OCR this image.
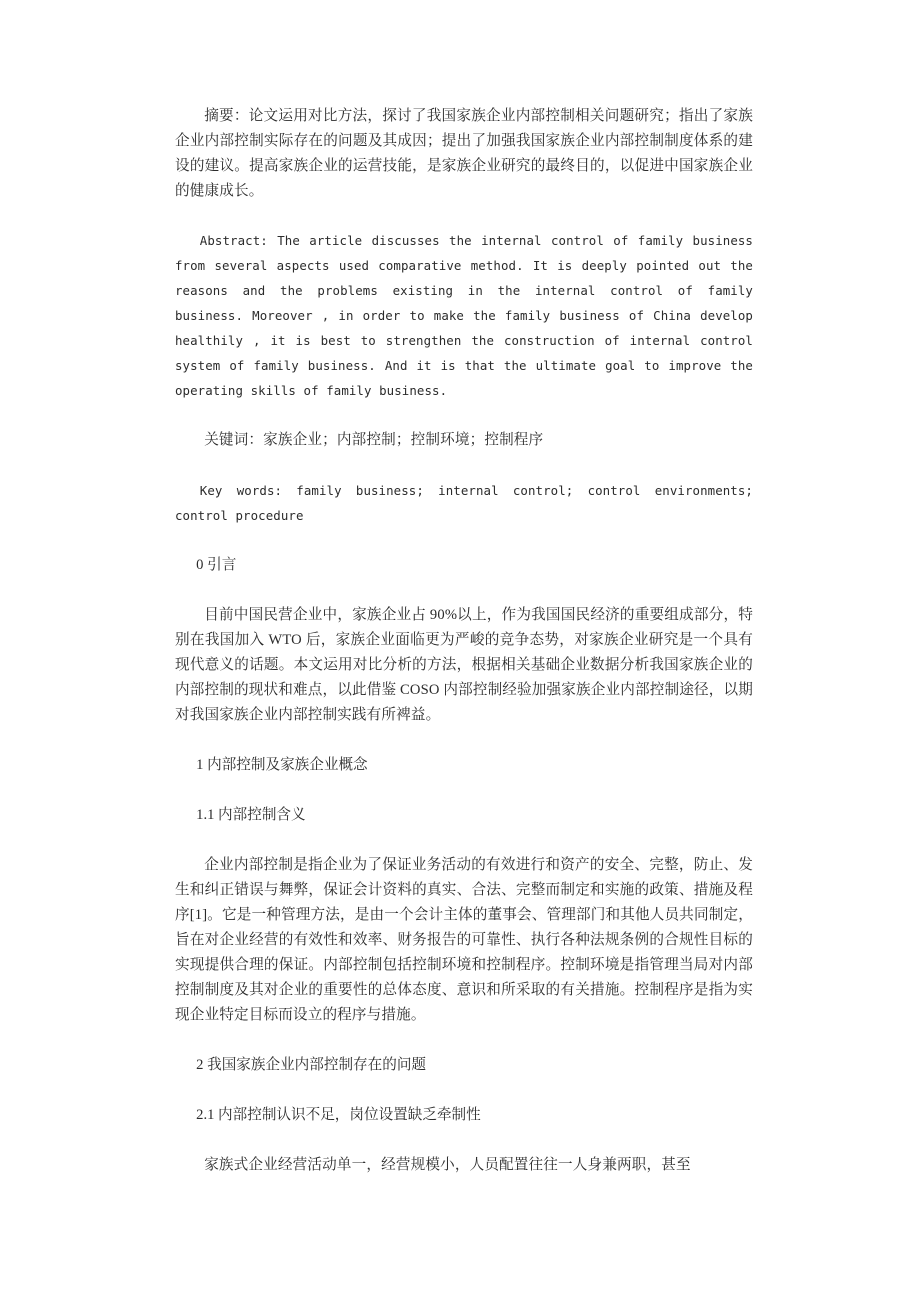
摘要：论文运用对比方法，探讨了我国家族企业内部控制相关问题研究；指出了家族企业内部控制实际存在的问题及其成因；提出了加强我国家族企业内部控制制度体系的建设的建议。提高家族企业的运营技能，是家族企业研究的最终目的，以促进中国家族企业的健康成长。

Abstract: The article discusses the internal control of family business from several aspects used comparative method. It is deeply pointed out the reasons and the problems existing in the internal control of family business. Moreover , in order to make the family business of China develop healthily , it is best to strengthen the construction of internal control system of family business. And it is that the ultimate goal to improve the operating skills of family business.

关键词：家族企业；内部控制；控制环境；控制程序

Key words: family business; internal control; control environments; control procedure

0 引言

目前中国民营企业中，家族企业占 90%以上，作为我国国民经济的重要组成部分，特别在我国加入 WTO 后，家族企业面临更为严峻的竞争态势，对家族企业研究是一个具有现代意义的话题。本文运用对比分析的方法，根据相关基础企业数据分析我国家族企业的内部控制的现状和难点，以此借鉴 COSO 内部控制经验加强家族企业内部控制途径，以期对我国家族企业内部控制实践有所裨益。

1 内部控制及家族企业概念

1.1 内部控制含义

企业内部控制是指企业为了保证业务活动的有效进行和资产的安全、完整，防止、发生和纠正错误与舞弊，保证会计资料的真实、合法、完整而制定和实施的政策、措施及程序[1]。它是一种管理方法，是由一个会计主体的董事会、管理部门和其他人员共同制定，旨在对企业经营的有效性和效率、财务报告的可靠性、执行各种法规条例的合规性目标的实现提供合理的保证。内部控制包括控制环境和控制程序。控制环境是指管理当局对内部控制制度及其对企业的重要性的总体态度、意识和所采取的有关措施。控制程序是指为实现企业特定目标而设立的程序与措施。

2 我国家族企业内部控制存在的问题

2.1 内部控制认识不足，岗位设置缺乏牵制性

家族式企业经营活动单一，经营规模小，人员配置往往一人身兼两职，甚至
